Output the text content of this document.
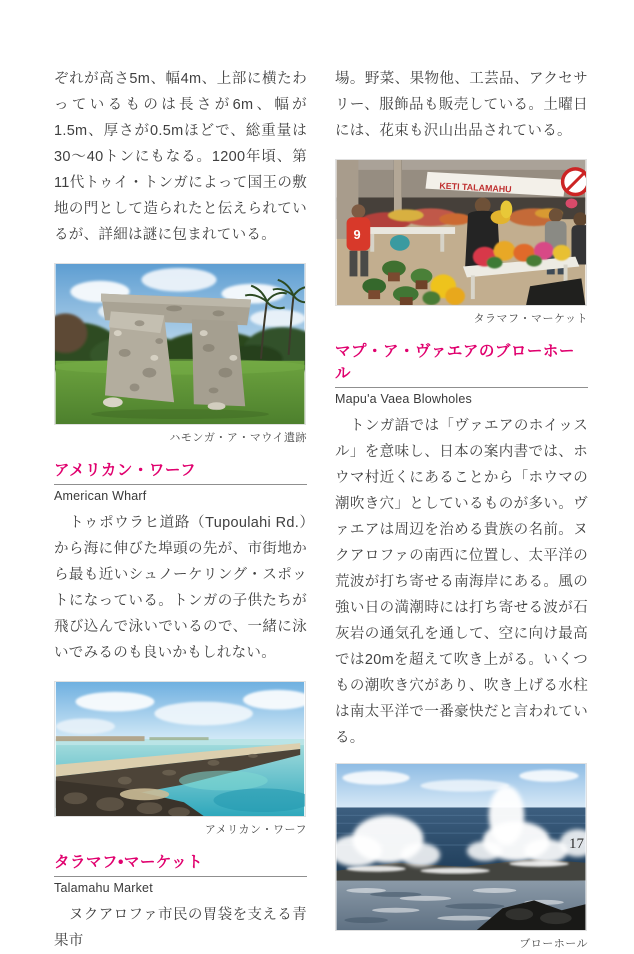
ぞれが高さ5m、幅4m、上部に横たわっているものは長さが6m、幅が1.5m、厚さが0.5mほどで、総重量は30〜40トンにもなる。1200年頃、第11代トゥイ・トンガによって国王の敷地の門として造られたと伝えられているが、詳細は謎に包まれている。

ハモンガ・ア・マウイ遺跡
アメリカン・ワーフ
American Wharf

　トゥポウラヒ道路（Tupoulahi Rd.）から海に伸びた埠頭の先が、市街地から最も近いシュノーケリング・スポットになっている。トンガの子供たちが飛び込んで泳いでいるので、一緒に泳いでみるのも良いかもしれない。

アメリカン・ワーフ
タラマフ•マーケット
Talamahu Market

　ヌクアロファ市民の胃袋を支える青果市

場。野菜、果物他、工芸品、アクセサリー、服飾品も販売している。土曜日には、花束も沢山出品されている。

KETI TALAMAHU
9
タラマフ・マーケット
マプ・ア・ヴァエアのブローホール
Mapu'a Vaea Blowholes

　トンガ語では「ヴァエアのホイッスル」を意味し、日本の案内書では、ホウマ村近くにあることから「ホウマの潮吹き穴」としているものが多い。ヴァエアは周辺を治める貴族の名前。ヌクアロファの南西に位置し、太平洋の荒波が打ち寄せる南海岸にある。風の強い日の満潮時には打ち寄せる波が石灰岩の通気孔を通して、空に向け最高では20mを超えて吹き上がる。いくつもの潮吹き穴があり、吹き上げる水柱は南太平洋で一番豪快だと言われている。

ブローホール
17
